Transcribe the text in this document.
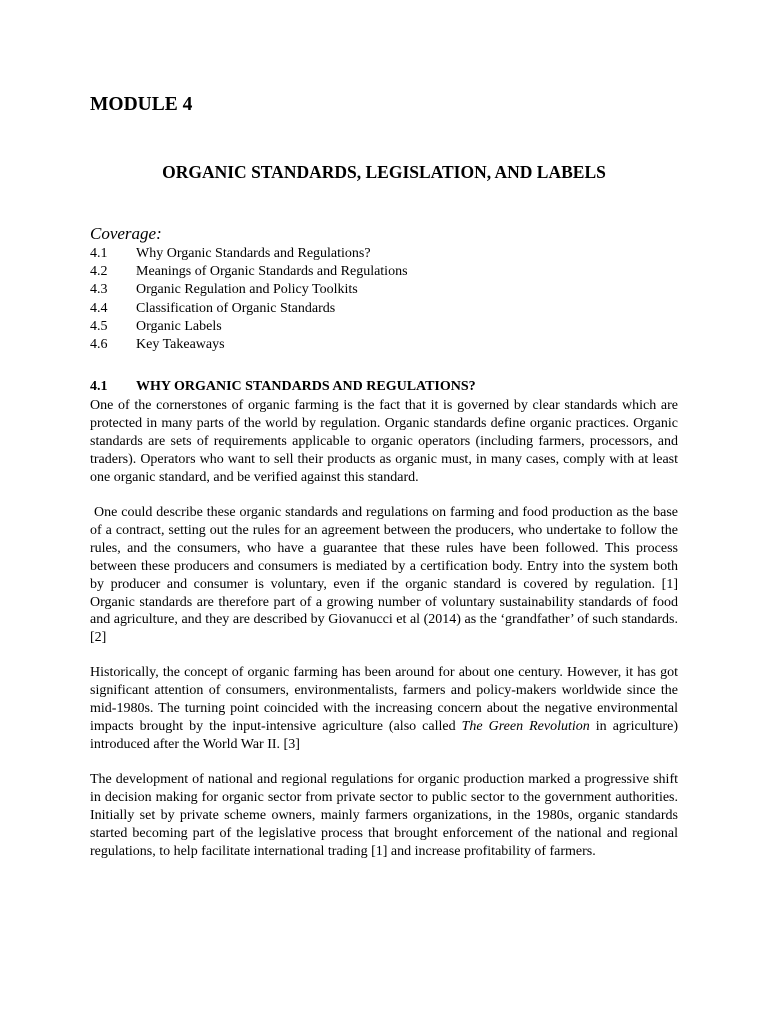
MODULE 4
ORGANIC STANDARDS, LEGISLATION, AND LABELS

Coverage:

4.1	Why Organic Standards and Regulations?
4.2	Meanings of Organic Standards and Regulations
4.3	Organic Regulation and Policy Toolkits
4.4	Classification of Organic Standards
4.5	Organic Labels
4.6	Key Takeaways
4.1	WHY ORGANIC STANDARDS AND REGULATIONS?

One of the cornerstones of organic farming is the fact that it is governed by clear standards which are protected in many parts of the world by regulation. Organic standards define organic practices. Organic standards are sets of requirements applicable to organic operators (including farmers, processors, and traders). Operators who want to sell their products as organic must, in many cases, comply with at least one organic standard, and be verified against this standard.

One could describe these organic standards and regulations on farming and food production as the base of a contract, setting out the rules for an agreement between the producers, who undertake to follow the rules, and the consumers, who have a guarantee that these rules have been followed. This process between these producers and consumers is mediated by a certification body. Entry into the system both by producer and consumer is voluntary, even if the organic standard is covered by regulation. [1] Organic standards are therefore part of a growing number of voluntary sustainability standards of food and agriculture, and they are described by Giovanucci et al (2014) as the ‘grandfather’ of such standards. [2]

Historically, the concept of organic farming has been around for about one century. However, it has got significant attention of consumers, environmentalists, farmers and policy-makers worldwide since the mid-1980s. The turning point coincided with the increasing concern about the negative environmental impacts brought by the input-intensive agriculture (also called The Green Revolution in agriculture) introduced after the World War II. [3]

The development of national and regional regulations for organic production marked a progressive shift in decision making for organic sector from private sector to public sector to the government authorities. Initially set by private scheme owners, mainly farmers organizations, in the 1980s, organic standards started becoming part of the legislative process that brought enforcement of the national and regional regulations, to help facilitate international trading [1] and increase profitability of farmers.
